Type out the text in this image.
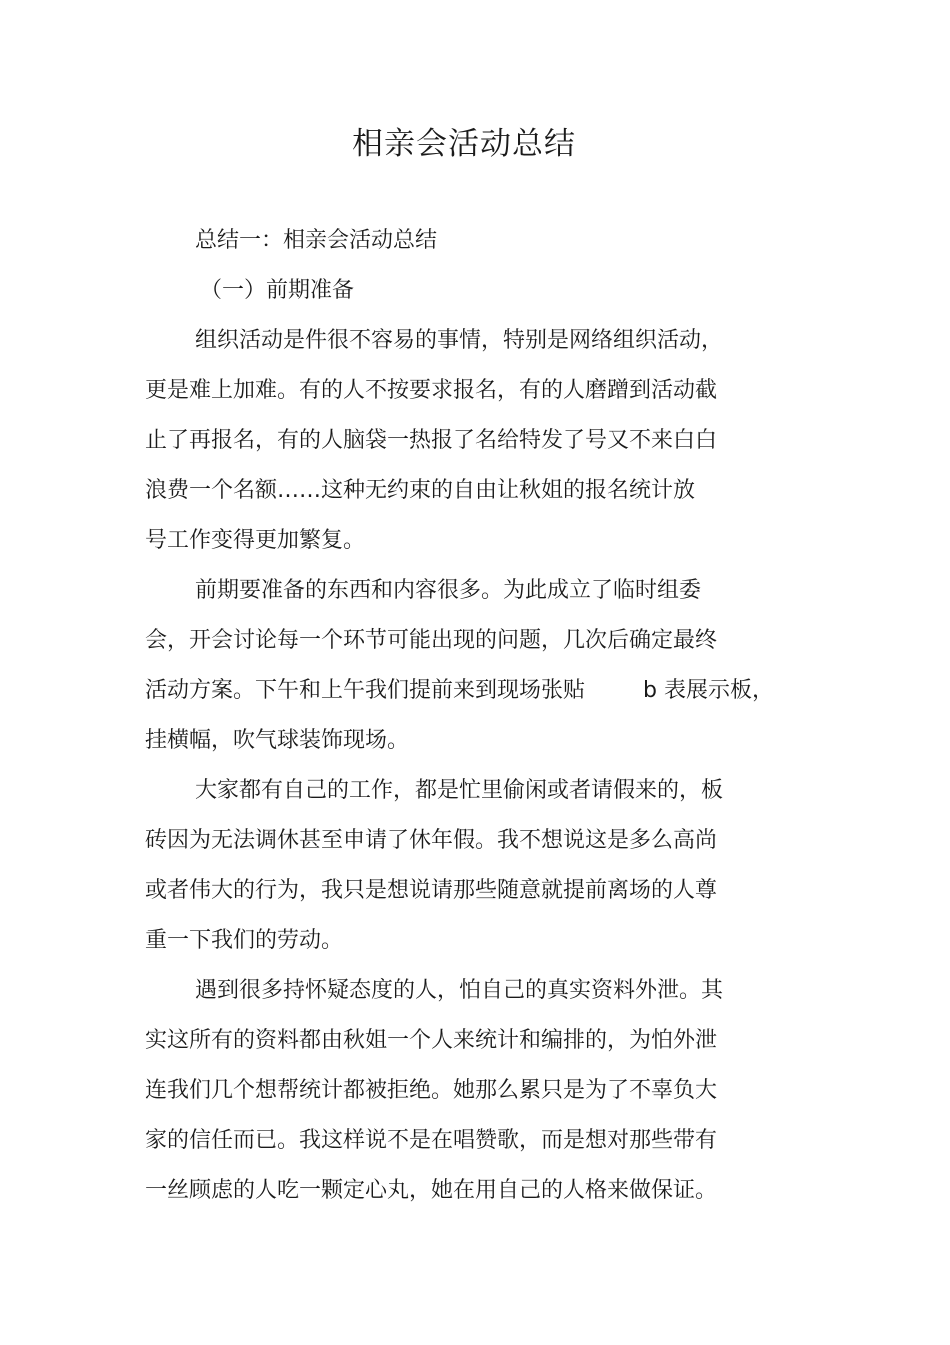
相亲会活动总结
总结一：相亲会活动总结
（一）前期准备
组织活动是件很不容易的事情，特别是网络组织活动，
更是难上加难。有的人不按要求报名，有的人磨蹭到活动截
止了再报名，有的人脑袋一热报了名给特发了号又不来白白
浪费一个名额……这种无约束的自由让秋姐的报名统计放
号工作变得更加繁复。
前期要准备的东西和内容很多。为此成立了临时组委
会，开会讨论每一个环节可能出现的问题，几次后确定最终
活动方案。下午和上午我们提前来到现场张贴	b 表展示板，
挂横幅，吹气球装饰现场。
大家都有自己的工作，都是忙里偷闲或者请假来的，板
砖因为无法调休甚至申请了休年假。我不想说这是多么高尚
或者伟大的行为，我只是想说请那些随意就提前离场的人尊
重一下我们的劳动。
遇到很多持怀疑态度的人，怕自己的真实资料外泄。其
实这所有的资料都由秋姐一个人来统计和编排的，为怕外泄
连我们几个想帮统计都被拒绝。她那么累只是为了不辜负大
家的信任而已。我这样说不是在唱赞歌，而是想对那些带有
一丝顾虑的人吃一颗定心丸，她在用自己的人格来做保证。
